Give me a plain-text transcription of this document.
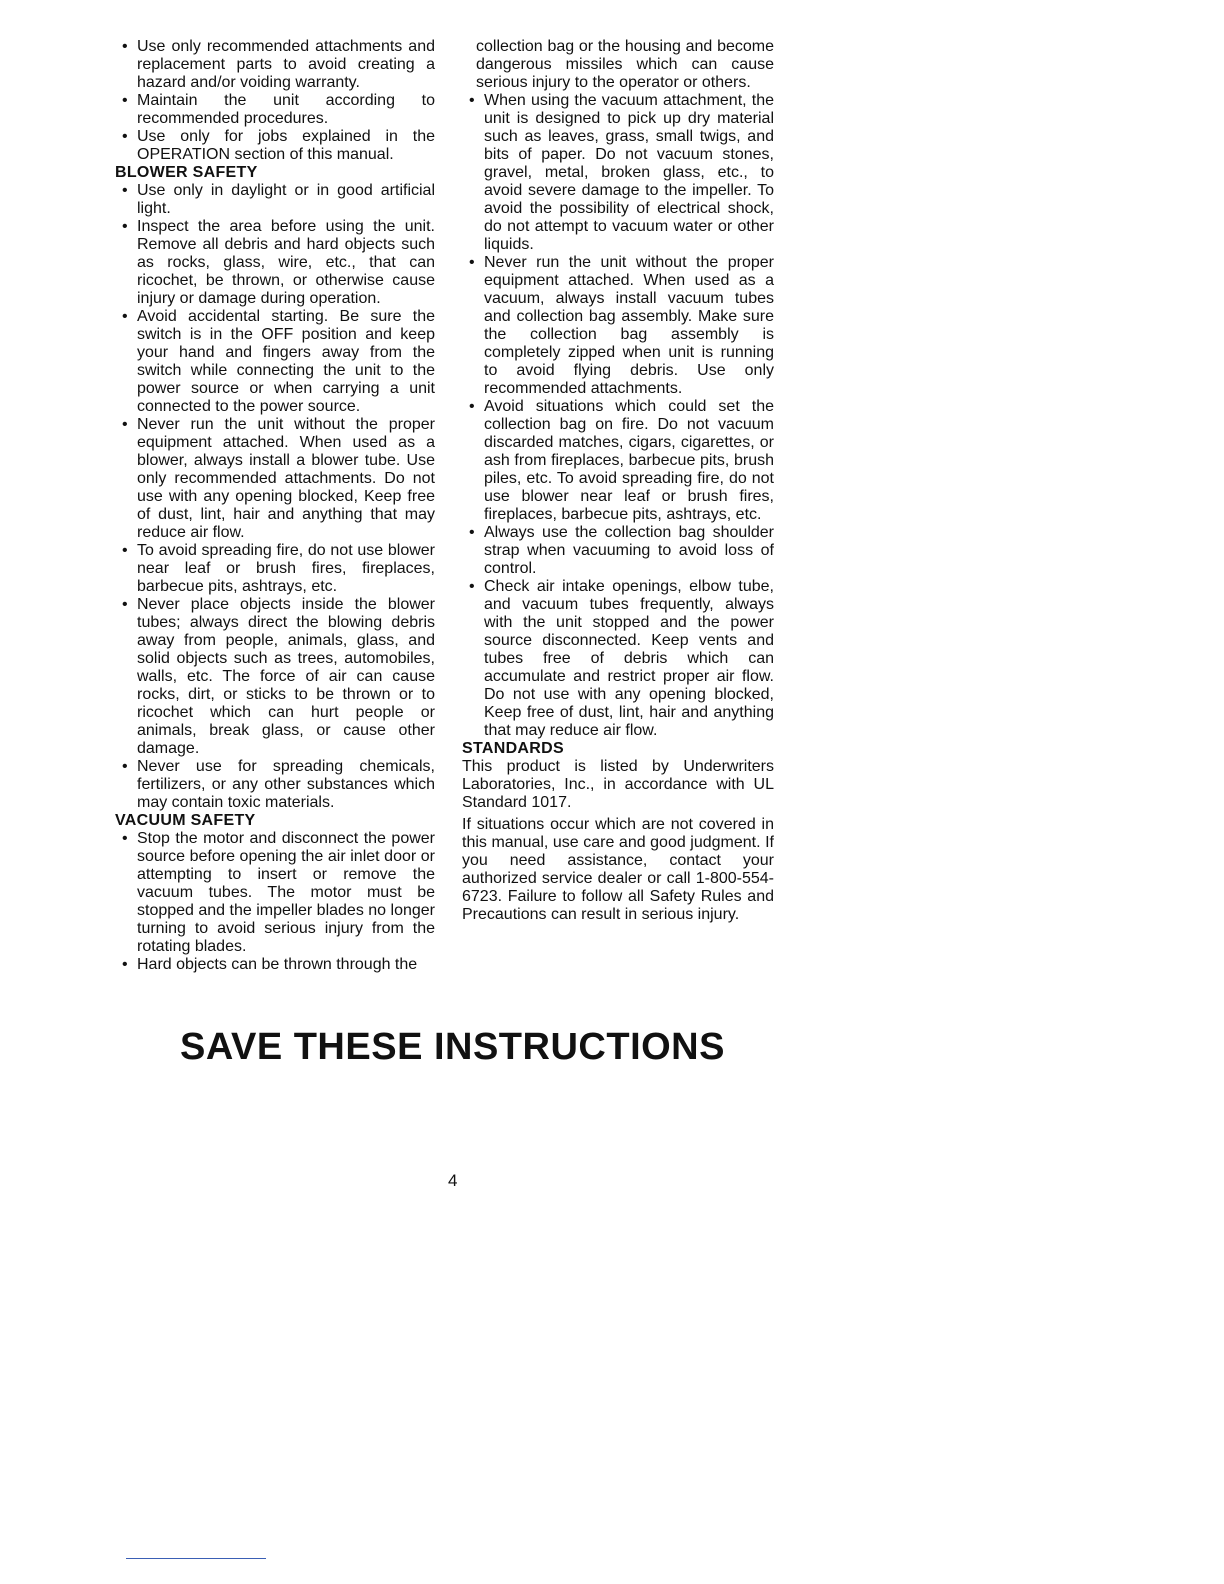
• Use only recommended attachments and replacement parts to avoid creating a hazard and/or voiding warranty.
• Maintain the unit according to recommended procedures.
• Use only for jobs explained in the OPERATION section of this manual.
BLOWER SAFETY
• Use only in daylight or in good artificial light.
• Inspect the area before using the unit. Remove all debris and hard objects such as rocks, glass, wire, etc., that can ricochet, be thrown, or otherwise cause injury or damage during operation.
• Avoid accidental starting. Be sure the switch is in the OFF position and keep your hand and fingers away from the switch while connecting the unit to the power source or when carrying a unit connected to the power source.
• Never run the unit without the proper equipment attached. When used as a blower, always install a blower tube. Use only recommended attachments. Do not use with any opening blocked, Keep free of dust, lint, hair and anything that may reduce air flow.
• To avoid spreading fire, do not use blower near leaf or brush fires, fireplaces, barbecue pits, ashtrays, etc.
• Never place objects inside the blower tubes; always direct the blowing debris away from people, animals, glass, and solid objects such as trees, automobiles, walls, etc. The force of air can cause rocks, dirt, or sticks to be thrown or to ricochet which can hurt people or animals, break glass, or cause other damage.
• Never use for spreading chemicals, fertilizers, or any other substances which may contain toxic materials.
VACUUM SAFETY
• Stop the motor and disconnect the power source before opening the air inlet door or attempting to insert or remove the vacuum tubes. The motor must be stopped and the impeller blades no longer turning to avoid serious injury from the rotating blades.
• Hard objects can be thrown through the
collection bag or the housing and become dangerous missiles which can cause serious injury to the operator or others.
• When using the vacuum attachment, the unit is designed to pick up dry material such as leaves, grass, small twigs, and bits of paper. Do not vacuum stones, gravel, metal, broken glass, etc., to avoid severe damage to the impeller. To avoid the possibility of electrical shock, do not attempt to vacuum water or other liquids.
• Never run the unit without the proper equipment attached. When used as a vacuum, always install vacuum tubes and collection bag assembly. Make sure the collection bag assembly is completely zipped when unit is running to avoid flying debris. Use only recommended attachments.
• Avoid situations which could set the collection bag on fire. Do not vacuum discarded matches, cigars, cigarettes, or ash from fireplaces, barbecue pits, brush piles, etc. To avoid spreading fire, do not use blower near leaf or brush fires, fireplaces, barbecue pits, ashtrays, etc.
• Always use the collection bag shoulder strap when vacuuming to avoid loss of control.
• Check air intake openings, elbow tube, and vacuum tubes frequently, always with the unit stopped and the power source disconnected. Keep vents and tubes free of debris which can accumulate and restrict proper air flow. Do not use with any opening blocked, Keep free of dust, lint, hair and anything that may reduce air flow.
STANDARDS

This product is listed by Underwriters Laboratories, Inc., in accordance with UL Standard 1017.

If situations occur which are not covered in this manual, use care and good judgment. If you need assistance, contact your authorized service dealer or call 1-800-554-6723. Failure to follow all Safety Rules and Precautions can result in serious injury.

SAVE THESE INSTRUCTIONS
4
